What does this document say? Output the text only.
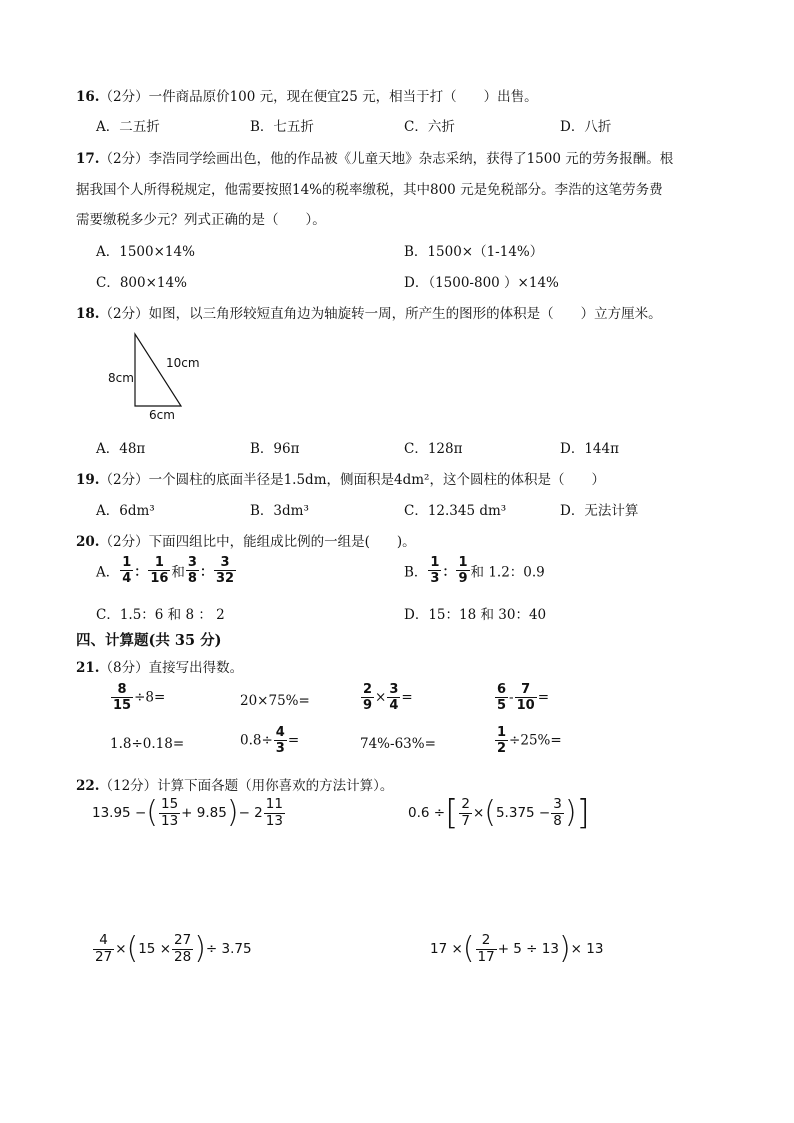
16.（2分）一件商品原价100 元，现在便宜25 元，相当于打（　　）出售。
A．二五折	B．七五折	C．六折	D．八折
17.（2分）李浩同学绘画出色，他的作品被《儿童天地》杂志采纳，获得了1500 元的劳务报酬。根
据我国个人所得税规定，他需要按照14%的税率缴税，其中800 元是免税部分。李浩的这笔劳务费
需要缴税多少元？列式正确的是（　　）。
A．1500×14%	B．1500×（1-14%）
C．800×14%	D．（1500-800 ）×14%
18.（2分）如图，以三角形较短直角边为轴旋转一周，所产生的图形的体积是（　　）立方厘米。
8cm
10cm
6cm
A．48π	B．96π	C．128π	D．144π
19.（2分）一个圆柱的底面半径是1.5dm，侧面积是4dm²，这个圆柱的体积是（　　）
A．6dm³	B．3dm³	C．12.345 dm³	D．无法计算
20.（2分）下面四组比中，能组成比例的一组是(　　)。
A． $\frac{1}{4}$ ： $\frac{1}{16}$ 和 $\frac{3}{8}$ ： $\frac{3}{32}$	B． $\frac{1}{3}$ ： $\frac{1}{9}$ 和 1.2：0.9
C．1.5：6 和 8 ： 2	D．15：18 和 30：40
四、计算题(共 35 分)
21.（8分）直接写出得数。
$\frac{8}{15} \div 8=$	20×75%=	$\frac{2}{9} \times \frac{3}{4}$ =	$\frac{6}{5} - \frac{7}{10}$ =
1.8÷0.18=	$0.8\div \frac{4}{3}$ =	74%-63%=	$\frac{1}{2} \div 25\%=$
22.（12分）计算下面各题（用你喜欢的方法计算）。
13.95 −( $\frac{15}{13} + 9.85)- 2 \frac{11}{13}$	0.6 ÷[ $\frac{2}{7} \times(5.375 - \frac{3}{8}$ )]
$\frac{4}{27} \times(15 \times \frac{27}{28}$ )÷ 3.75	17 ×( $\frac{2}{17} + 5 \div 13)\times 13$
